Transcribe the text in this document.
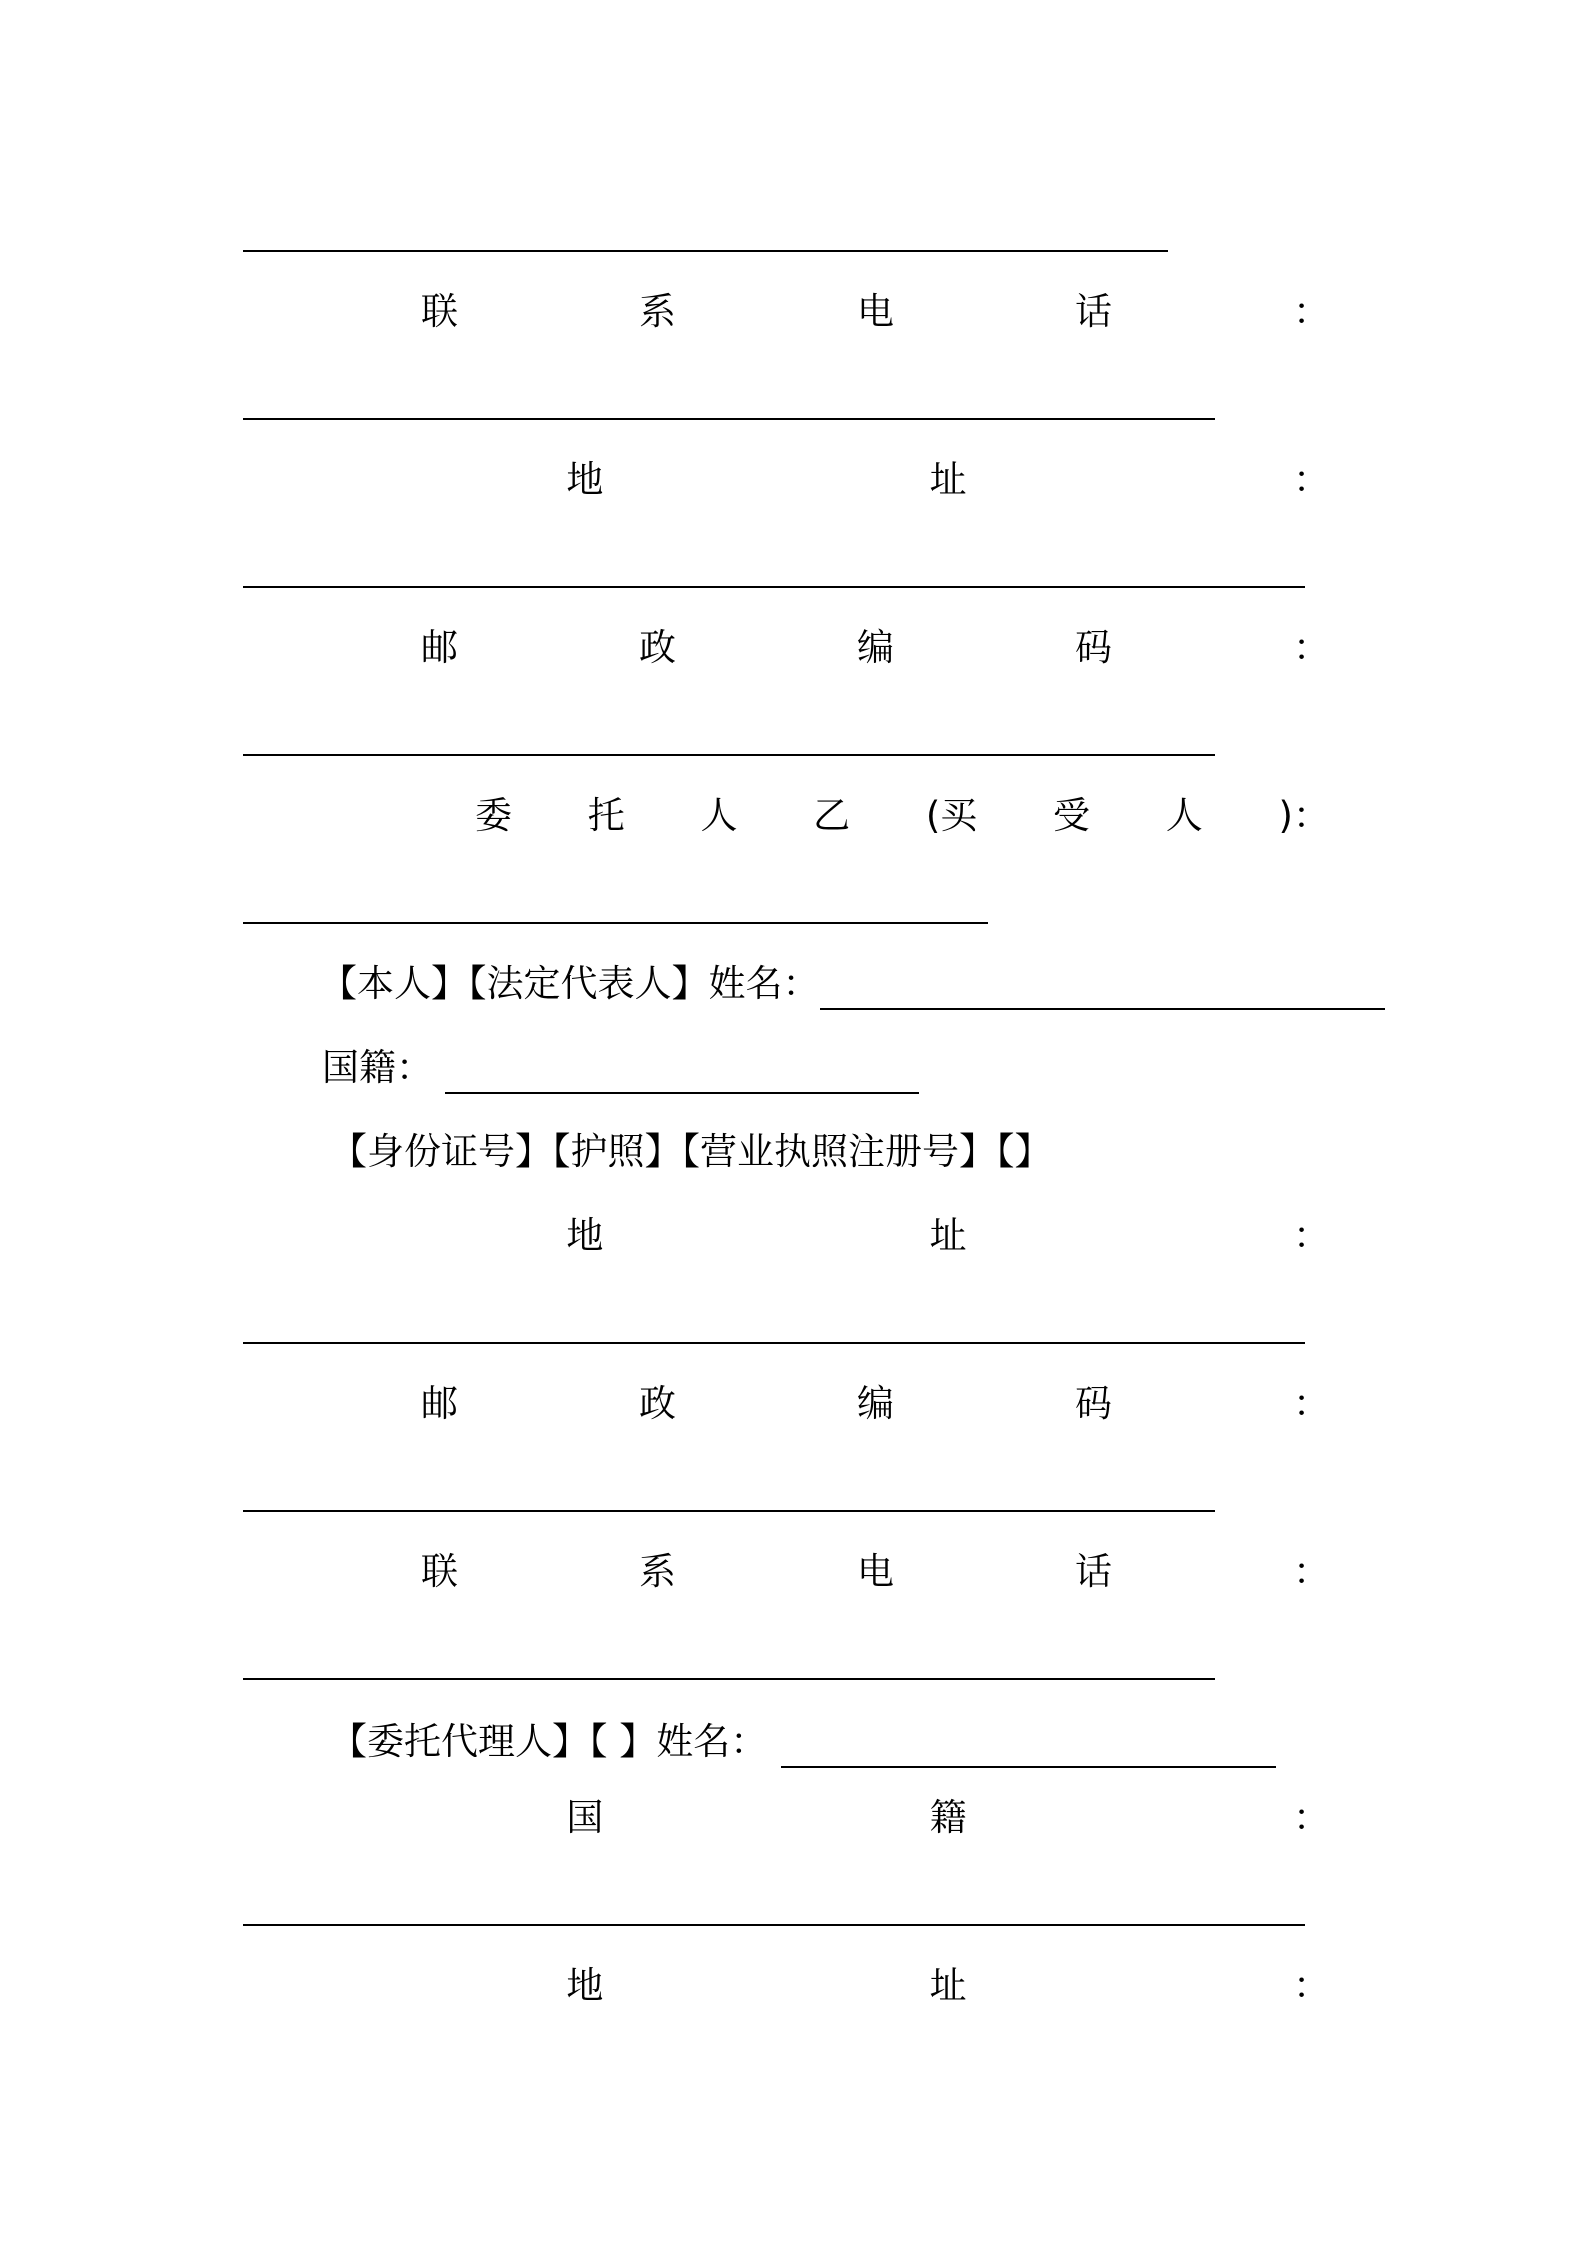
联	系	电	话	：
地	址	：
邮	政	编	码	：
委 托 人 乙 (买 受 人 )：
【本人】【法定代表人】姓名：
国籍：
【身份证号】【护照】【营业执照注册号】【】
地	址	：
邮	政	编	码	：
联	系	电	话	：
【委托代理人】【 】姓名：
国	籍	：
地	址	：
